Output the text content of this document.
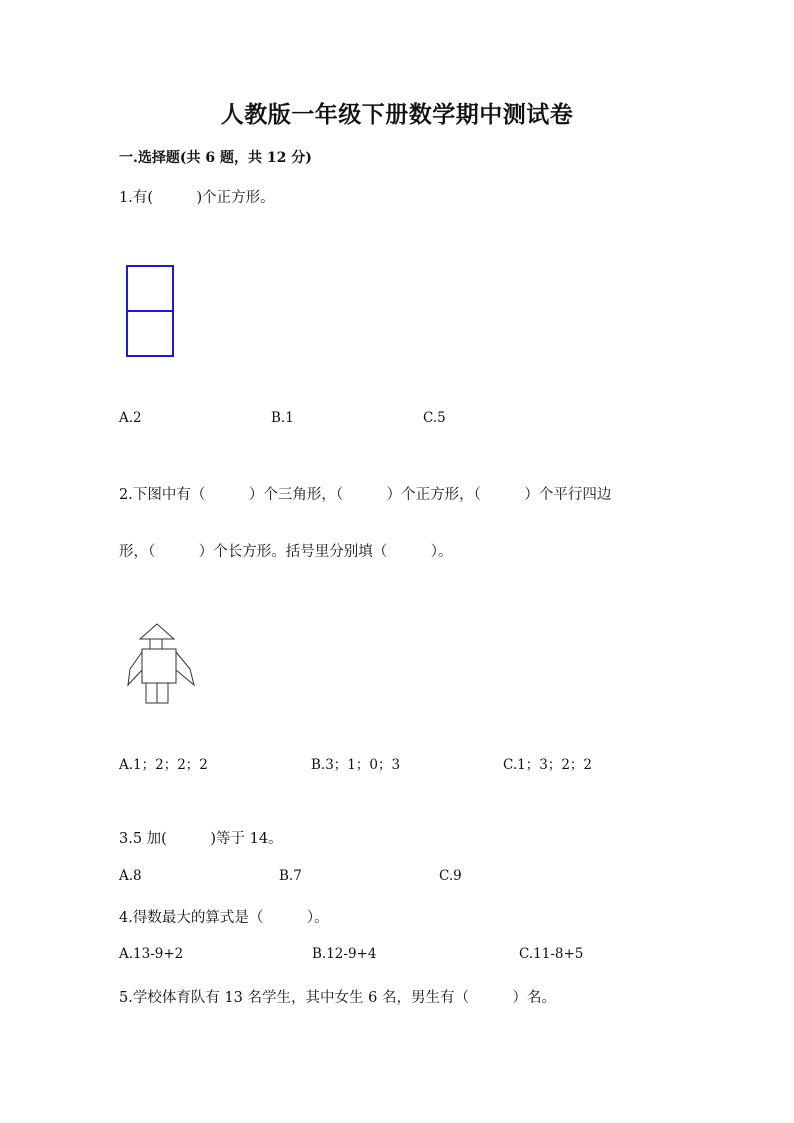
人教版一年级下册数学期中测试卷
一.选择题(共 6 题，共 12 分)
1.有(　　　)个正方形。
A.2	B.1	C.5
2.下图中有（　　　）个三角形，（　　　）个正方形，（　　　）个平行四边
形，（　　　）个长方形。括号里分别填（　　　）。
A.1；2；2；2	B.3；1；0；3	C.1；3；2；2
3.5 加(　　　)等于 14。
A.8	B.7	C.9
4.得数最大的算式是（　　　）。
A.13-9+2	B.12-9+4	C.11-8+5
5.学校体育队有 13 名学生，其中女生 6 名，男生有（　　　）名。
